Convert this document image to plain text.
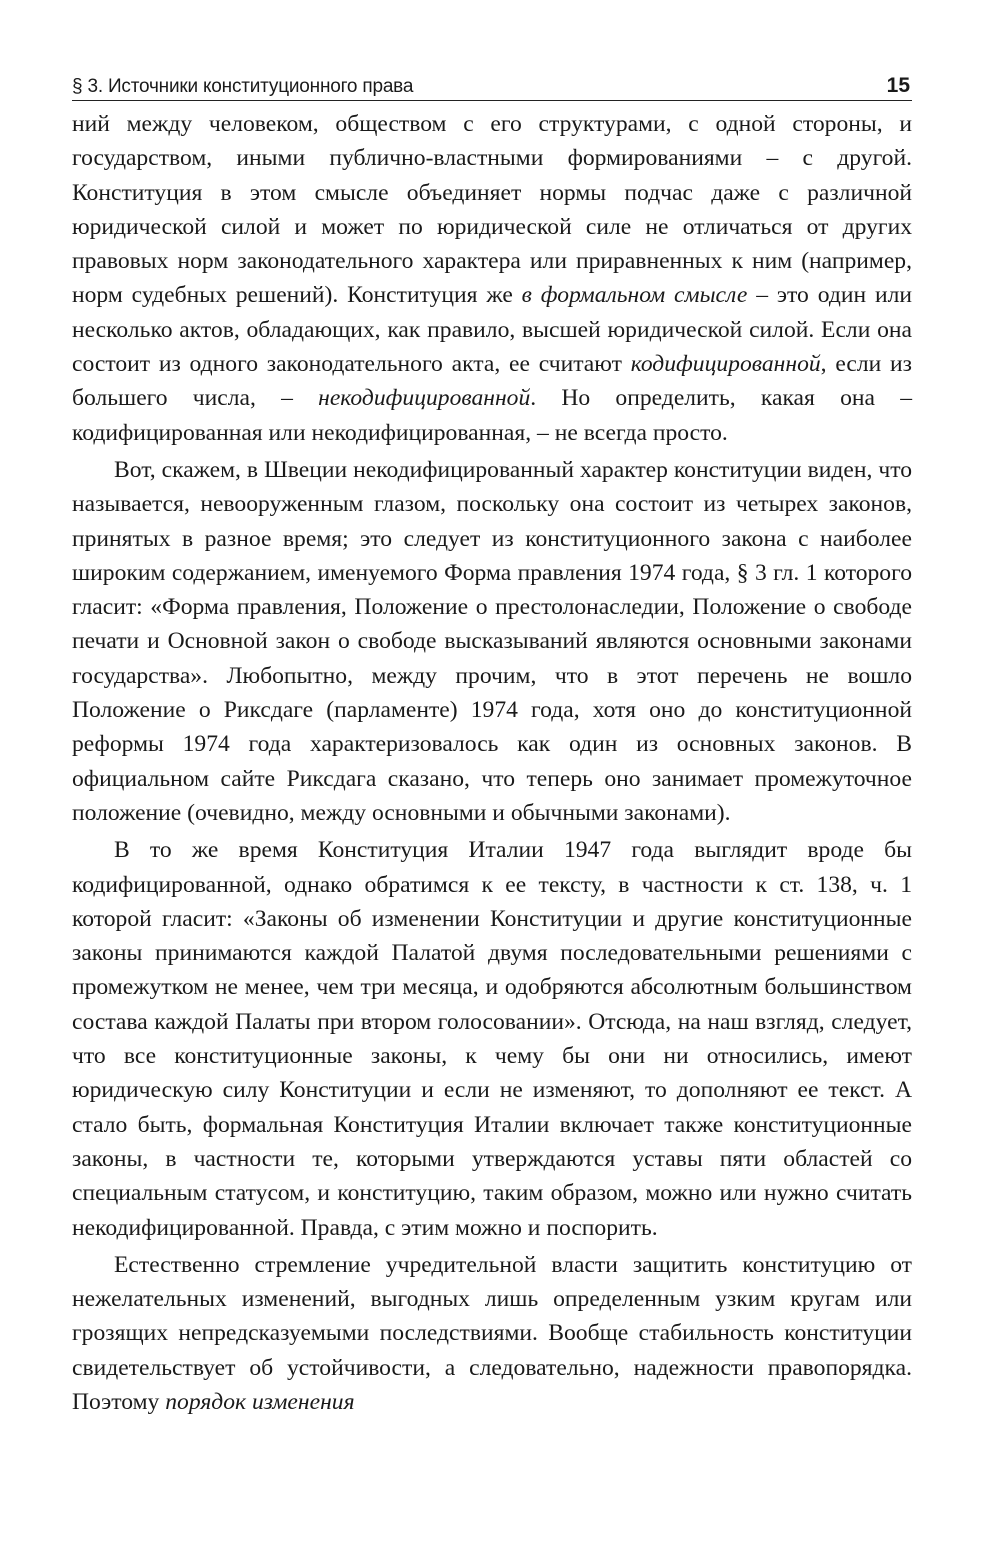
§ 3. Источники конституционного права	15

ний между человеком, обществом с его структурами, с одной стороны, и государством, иными публично-властными формированиями – с другой. Конституция в этом смысле объединяет нормы подчас даже с различной юридической силой и может по юридической силе не отличаться от других правовых норм законодательного характера или приравненных к ним (например, норм судебных решений). Конституция же в формальном смысле – это один или несколько актов, обладающих, как правило, высшей юридической силой. Если она состоит из одного законодательного акта, ее считают кодифицированной, если из большего числа, – некодифицированной. Но определить, какая она – кодифицированная или некодифицированная, – не всегда просто.

Вот, скажем, в Швеции некодифицированный характер конституции виден, что называется, невооруженным глазом, поскольку она состоит из четырех законов, принятых в разное время; это следует из конституционного закона с наиболее широким содержанием, именуемого Форма правления 1974 года, § 3 гл. 1 которого гласит: «Форма правления, Положение о престолонаследии, Положение о свободе печати и Основной закон о свободе высказываний являются основными законами государства». Любопытно, между прочим, что в этот перечень не вошло Положение о Риксдаге (парламенте) 1974 года, хотя оно до конституционной реформы 1974 года характеризовалось как один из основных законов. В официальном сайте Риксдага сказано, что теперь оно занимает промежуточное положение (очевидно, между основными и обычными законами).

В то же время Конституция Италии 1947 года выглядит вроде бы кодифицированной, однако обратимся к ее тексту, в частности к ст. 138, ч. 1 которой гласит: «Законы об изменении Конституции и другие конституционные законы принимаются каждой Палатой двумя последовательными решениями с промежутком не менее, чем три месяца, и одобряются абсолютным большинством состава каждой Палаты при втором голосовании». Отсюда, на наш взгляд, следует, что все конституционные законы, к чему бы они ни относились, имеют юридическую силу Конституции и если не изменяют, то дополняют ее текст. А стало быть, формальная Конституция Италии включает также конституционные законы, в частности те, которыми утверждаются уставы пяти областей со специальным статусом, и конституцию, таким образом, можно или нужно считать некодифицированной. Правда, с этим можно и поспорить.

Естественно стремление учредительной власти защитить конституцию от нежелательных изменений, выгодных лишь определенным узким кругам или грозящих непредсказуемыми последствиями. Вообще стабильность конституции свидетельствует об устойчивости, а следовательно, надежности правопорядка. Поэтому порядок изменения
